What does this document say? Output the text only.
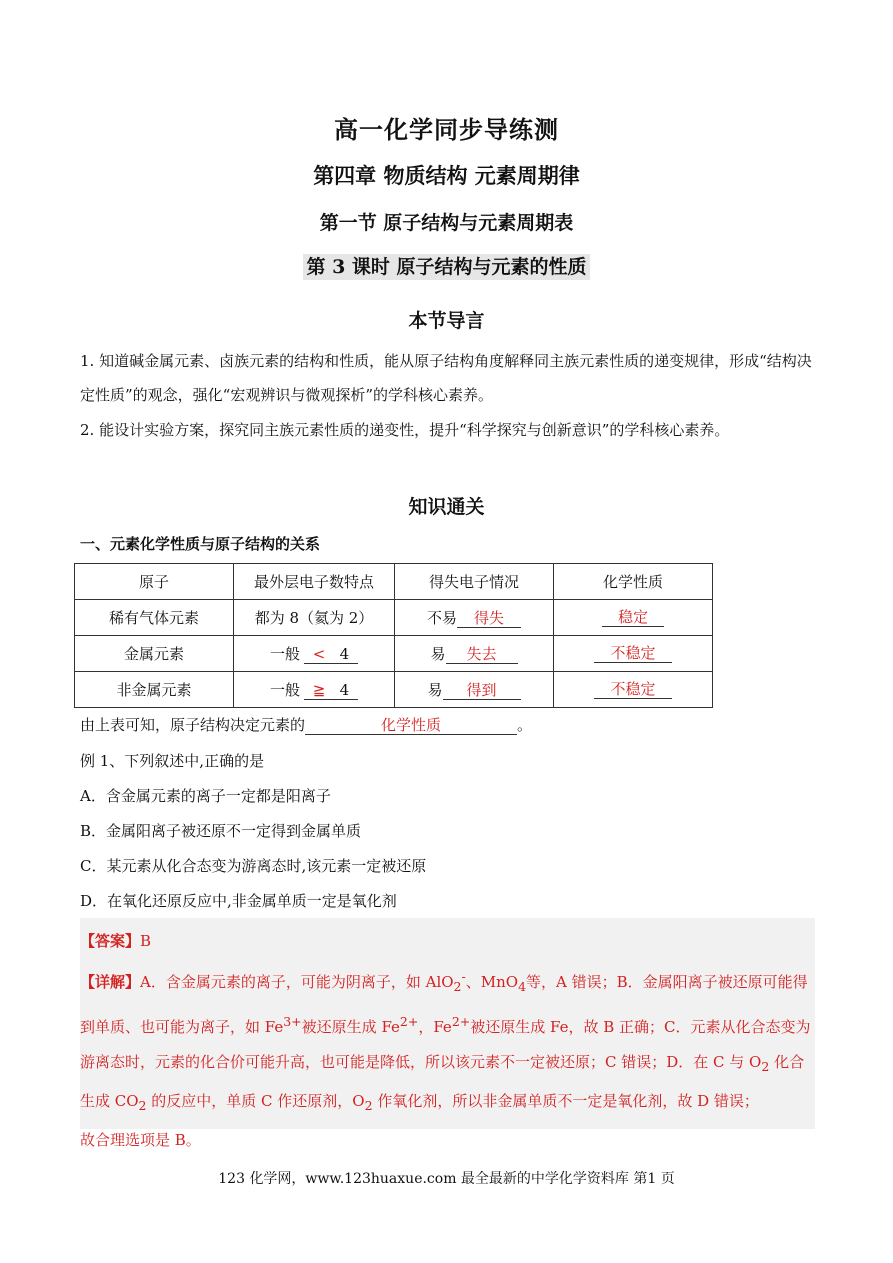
高一化学同步导练测
第四章 物质结构 元素周期律
第一节 原子结构与元素周期表
第 3 课时 原子结构与元素的性质
本节导言
1. 知道碱金属元素、卤族元素的结构和性质，能从原子结构角度解释同主族元素性质的递变规律，形成“结构决定性质”的观念，强化“宏观辨识与微观探析”的学科核心素养。
2. 能设计实验方案，探究同主族元素性质的递变性，提升“科学探究与创新意识”的学科核心素养。
知识通关
一、元素化学性质与原子结构的关系
原子	最外层电子数特点	得失电子情况	化学性质
稀有气体元素	都为 8（氦为 2）	不易 得失	稳定
金属元素	一般 < 4	易 失去	不稳定
非金属元素	一般 ≧ 4	易 得到	不稳定
由上表可知，原子结构决定元素的	化学性质	。
例 1、下列叙述中,正确的是
A．含金属元素的离子一定都是阳离子
B．金属阳离子被还原不一定得到金属单质
C．某元素从化合态变为游离态时,该元素一定被还原
D．在氧化还原反应中,非金属单质一定是氧化剂
【答案】B
【详解】A．含金属元素的离子，可能为阴离子，如 AlO$_2$-、MnO$_4$等，A 错误；B．金属阳离子被还原可能得到单质、也可能为离子，如 $Fe^{3+}$被还原生成 $Fe^{2+}$，$Fe^{2+}$被还原生成 Fe，故 B 正确；C．元素从化合态变为游离态时，元素的化合价可能升高，也可能是降低，所以该元素不一定被还原；C 错误；D．在 C 与 $O_2$ 化合生成 $CO_2$ 的反应中，单质 C 作还原剂，$O_2$ 作氧化剂，所以非金属单质不一定是氧化剂，故 D 错误；
故合理选项是 B。
123 化学网，www.123huaxue.com 最全最新的中学化学资料库 第1 页
